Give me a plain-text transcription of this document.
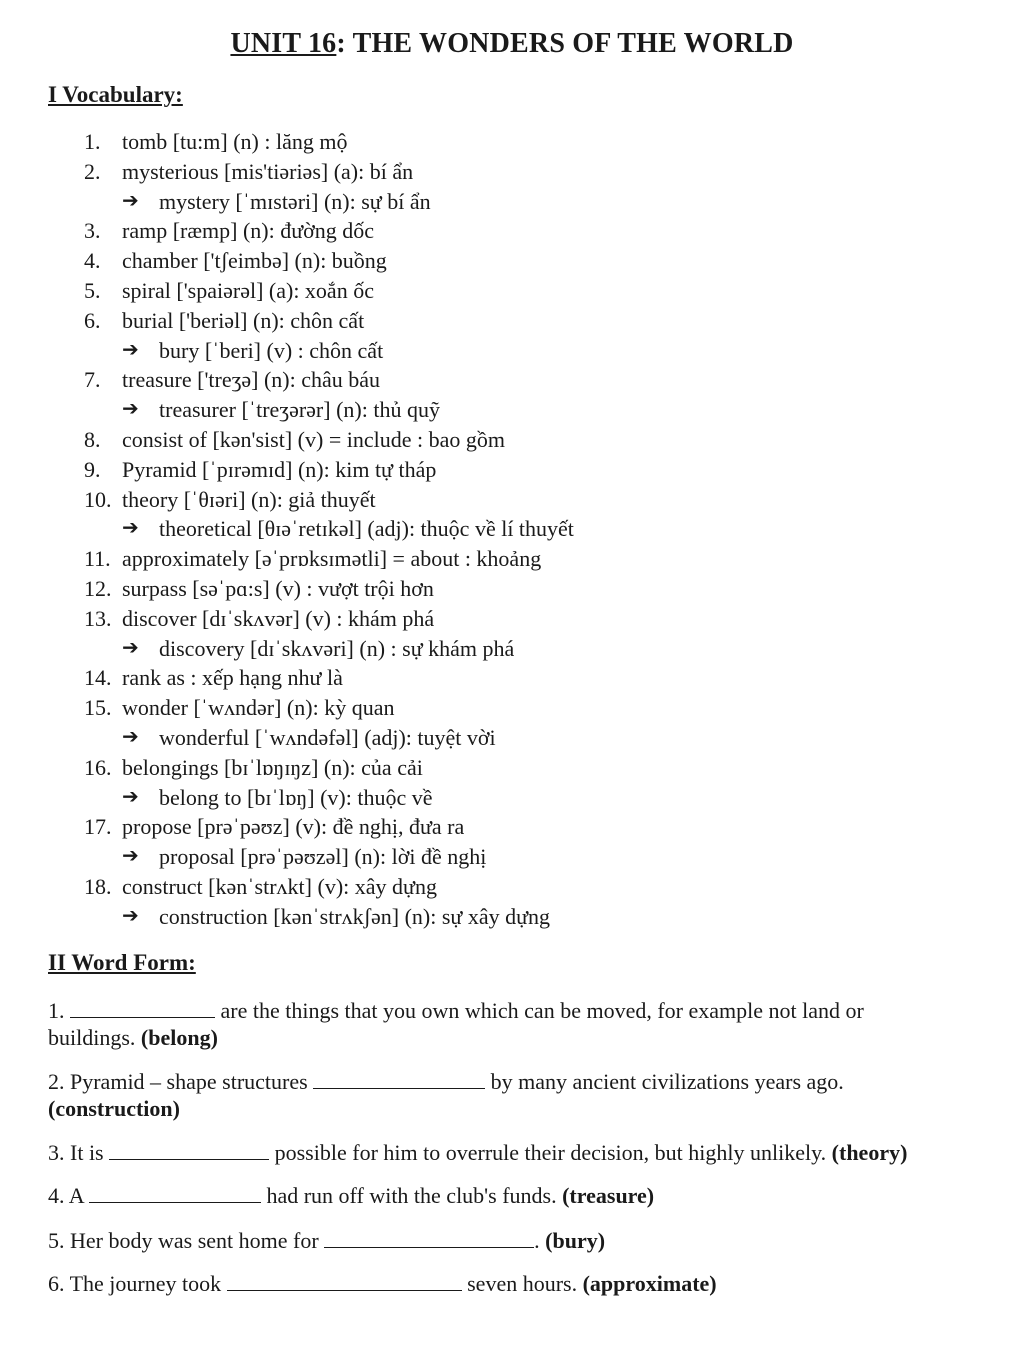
UNIT 16: THE WONDERS OF THE WORLD
I Vocabulary:
1. tomb [tu:m] (n) : lăng mộ
2. mysterious [mis'tiəriəs] (a): bí ẩn
➔ mystery [ˈmɪstəri] (n): sự bí ẩn
3. ramp [ræmp] (n): đường dốc
4. chamber ['tʃeimbə] (n): buồng
5. spiral ['spaiərəl] (a): xoắn ốc
6. burial ['beriəl] (n): chôn cất
➔ bury [ˈberi] (v) : chôn cất
7. treasure ['treʒə] (n): châu báu
➔ treasurer [ˈtreʒərər] (n): thủ quỹ
8. consist of [kən'sist] (v) = include : bao gồm
9. Pyramid [ˈpɪrəmɪd] (n): kim tự tháp
10. theory [ˈθɪəri] (n): giả thuyết
➔ theoretical [θɪəˈretɪkəl] (adj): thuộc về lí thuyết
11. approximately [əˈprɒksɪmətli] = about : khoảng
12. surpass [səˈpɑ:s] (v) : vượt trội hơn
13. discover [dɪˈskʌvər] (v) : khám phá
➔ discovery [dɪˈskʌvəri] (n) : sự khám phá
14. rank as : xếp hạng như là
15. wonder [ˈwʌndər] (n): kỳ quan
➔ wonderful [ˈwʌndəfəl] (adj): tuyệt vời
16. belongings [bɪˈlɒŋɪŋz] (n): của cải
➔ belong to [bɪˈlɒŋ] (v): thuộc về
17. propose [prəˈpəʊz] (v): đề nghị, đưa ra
➔ proposal [prəˈpəʊzəl] (n): lời đề nghị
18. construct [kənˈstrʌkt] (v): xây dựng
➔ construction [kənˈstrʌkʃən] (n): sự xây dựng
II Word Form:
1.	are the things that you own which can be moved, for example not land or
buildings. (belong)
2. Pyramid – shape structures	by many ancient civilizations years ago.
(construction)
3. It is	possible for him to overrule their decision, but highly unlikely. (theory)
4. A	had run off with the club's funds. (treasure)
5. Her body was sent home for	. (bury)
6. The journey took	seven hours. (approximate)
